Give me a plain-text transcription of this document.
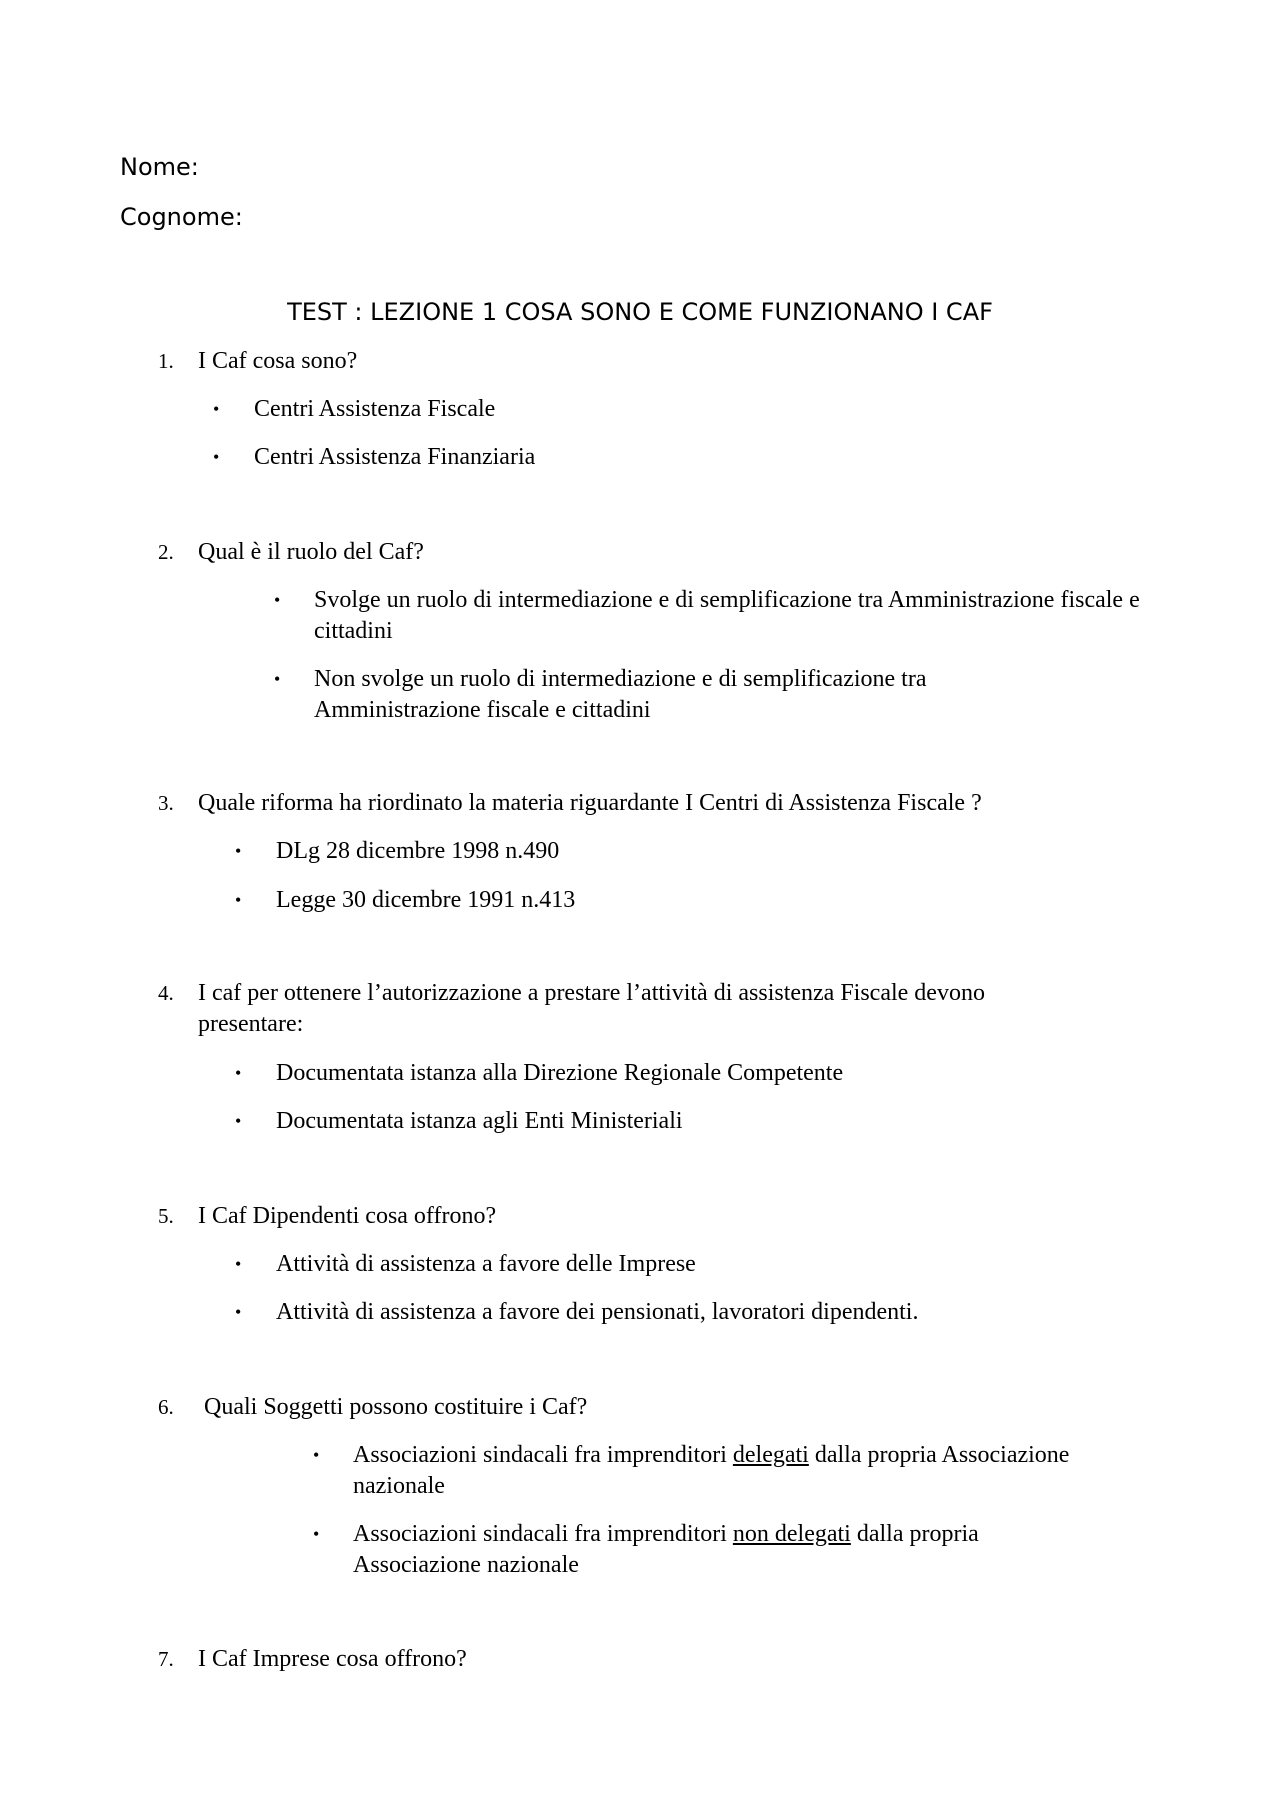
Nome:
Cognome:
TEST : LEZIONE 1 COSA SONO E COME FUNZIONANO I CAF
1. I Caf cosa sono?
• Centri Assistenza Fiscale
• Centri Assistenza Finanziaria
2. Qual è il ruolo del Caf?
• Svolge un ruolo di intermediazione e di semplificazione tra Amministrazione fiscale e cittadini
• Non svolge un ruolo di intermediazione e di semplificazione tra Amministrazione fiscale e cittadini
3. Quale riforma ha riordinato la materia riguardante I Centri di Assistenza Fiscale ?
• DLg 28 dicembre 1998 n.490
• Legge 30 dicembre 1991 n.413
4. I caf per ottenere l’autorizzazione a prestare l’attività di assistenza Fiscale devono presentare:
• Documentata istanza alla Direzione Regionale Competente
• Documentata istanza agli Enti Ministeriali
5. I Caf Dipendenti cosa offrono?
• Attività di assistenza a favore delle Imprese
• Attività di assistenza a favore dei pensionati, lavoratori dipendenti.
6. Quali Soggetti possono costituire i Caf?
• Associazioni sindacali fra imprenditori delegati dalla propria Associazione nazionale
• Associazioni sindacali fra imprenditori non delegati dalla propria Associazione nazionale
7. I Caf Imprese cosa offrono?
